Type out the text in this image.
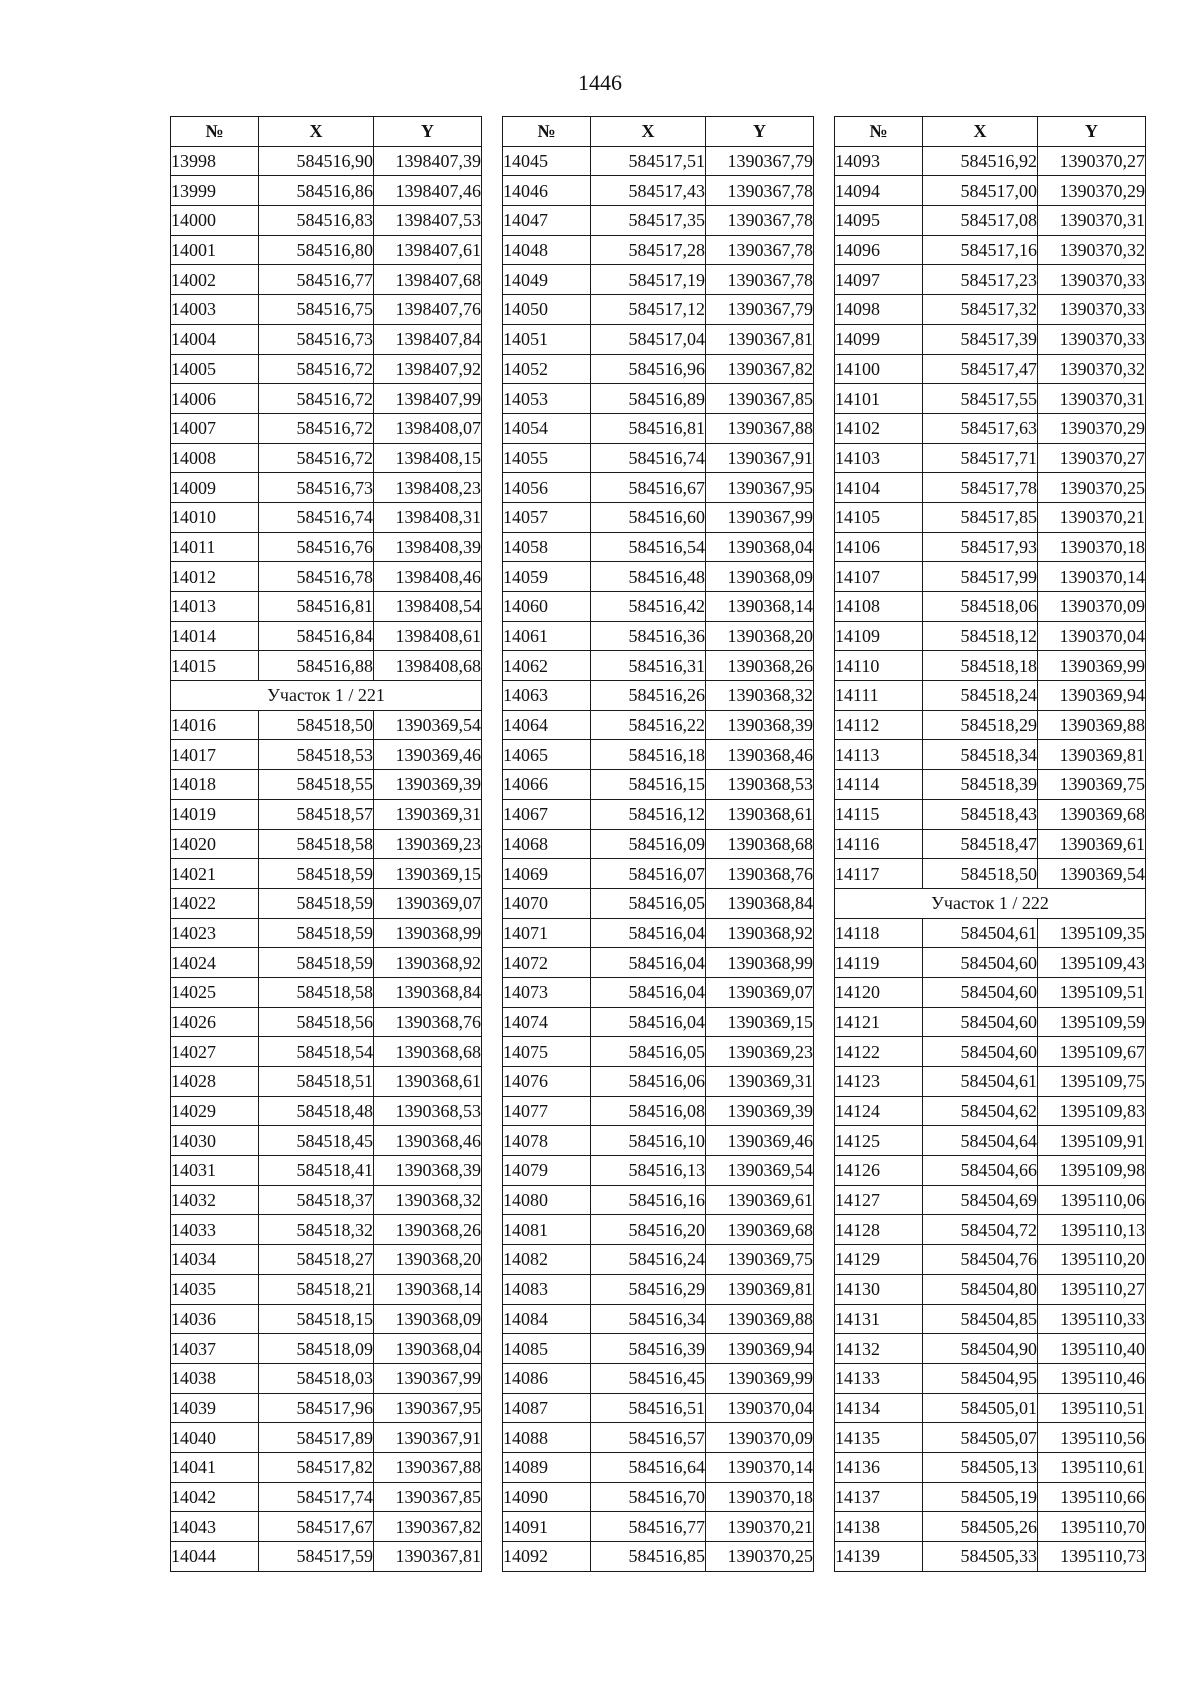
1446
№	X	Y
13998	584516,90	1398407,39
13999	584516,86	1398407,46
14000	584516,83	1398407,53
14001	584516,80	1398407,61
14002	584516,77	1398407,68
14003	584516,75	1398407,76
14004	584516,73	1398407,84
14005	584516,72	1398407,92
14006	584516,72	1398407,99
14007	584516,72	1398408,07
14008	584516,72	1398408,15
14009	584516,73	1398408,23
14010	584516,74	1398408,31
14011	584516,76	1398408,39
14012	584516,78	1398408,46
14013	584516,81	1398408,54
14014	584516,84	1398408,61
14015	584516,88	1398408,68
Участок 1 / 221		
14016	584518,50	1390369,54
14017	584518,53	1390369,46
14018	584518,55	1390369,39
14019	584518,57	1390369,31
14020	584518,58	1390369,23
14021	584518,59	1390369,15
14022	584518,59	1390369,07
14023	584518,59	1390368,99
14024	584518,59	1390368,92
14025	584518,58	1390368,84
14026	584518,56	1390368,76
14027	584518,54	1390368,68
14028	584518,51	1390368,61
14029	584518,48	1390368,53
14030	584518,45	1390368,46
14031	584518,41	1390368,39
14032	584518,37	1390368,32
14033	584518,32	1390368,26
14034	584518,27	1390368,20
14035	584518,21	1390368,14
14036	584518,15	1390368,09
14037	584518,09	1390368,04
14038	584518,03	1390367,99
14039	584517,96	1390367,95
14040	584517,89	1390367,91
14041	584517,82	1390367,88
14042	584517,74	1390367,85
14043	584517,67	1390367,82
14044	584517,59	1390367,81
№	X	Y
14045	584517,51	1390367,79
14046	584517,43	1390367,78
14047	584517,35	1390367,78
14048	584517,28	1390367,78
14049	584517,19	1390367,78
14050	584517,12	1390367,79
14051	584517,04	1390367,81
14052	584516,96	1390367,82
14053	584516,89	1390367,85
14054	584516,81	1390367,88
14055	584516,74	1390367,91
14056	584516,67	1390367,95
14057	584516,60	1390367,99
14058	584516,54	1390368,04
14059	584516,48	1390368,09
14060	584516,42	1390368,14
14061	584516,36	1390368,20
14062	584516,31	1390368,26
14063	584516,26	1390368,32
14064	584516,22	1390368,39
14065	584516,18	1390368,46
14066	584516,15	1390368,53
14067	584516,12	1390368,61
14068	584516,09	1390368,68
14069	584516,07	1390368,76
14070	584516,05	1390368,84
14071	584516,04	1390368,92
14072	584516,04	1390368,99
14073	584516,04	1390369,07
14074	584516,04	1390369,15
14075	584516,05	1390369,23
14076	584516,06	1390369,31
14077	584516,08	1390369,39
14078	584516,10	1390369,46
14079	584516,13	1390369,54
14080	584516,16	1390369,61
14081	584516,20	1390369,68
14082	584516,24	1390369,75
14083	584516,29	1390369,81
14084	584516,34	1390369,88
14085	584516,39	1390369,94
14086	584516,45	1390369,99
14087	584516,51	1390370,04
14088	584516,57	1390370,09
14089	584516,64	1390370,14
14090	584516,70	1390370,18
14091	584516,77	1390370,21
14092	584516,85	1390370,25
№	X	Y
14093	584516,92	1390370,27
14094	584517,00	1390370,29
14095	584517,08	1390370,31
14096	584517,16	1390370,32
14097	584517,23	1390370,33
14098	584517,32	1390370,33
14099	584517,39	1390370,33
14100	584517,47	1390370,32
14101	584517,55	1390370,31
14102	584517,63	1390370,29
14103	584517,71	1390370,27
14104	584517,78	1390370,25
14105	584517,85	1390370,21
14106	584517,93	1390370,18
14107	584517,99	1390370,14
14108	584518,06	1390370,09
14109	584518,12	1390370,04
14110	584518,18	1390369,99
14111	584518,24	1390369,94
14112	584518,29	1390369,88
14113	584518,34	1390369,81
14114	584518,39	1390369,75
14115	584518,43	1390369,68
14116	584518,47	1390369,61
14117	584518,50	1390369,54
Участок 1 / 222		
14118	584504,61	1395109,35
14119	584504,60	1395109,43
14120	584504,60	1395109,51
14121	584504,60	1395109,59
14122	584504,60	1395109,67
14123	584504,61	1395109,75
14124	584504,62	1395109,83
14125	584504,64	1395109,91
14126	584504,66	1395109,98
14127	584504,69	1395110,06
14128	584504,72	1395110,13
14129	584504,76	1395110,20
14130	584504,80	1395110,27
14131	584504,85	1395110,33
14132	584504,90	1395110,40
14133	584504,95	1395110,46
14134	584505,01	1395110,51
14135	584505,07	1395110,56
14136	584505,13	1395110,61
14137	584505,19	1395110,66
14138	584505,26	1395110,70
14139	584505,33	1395110,73
